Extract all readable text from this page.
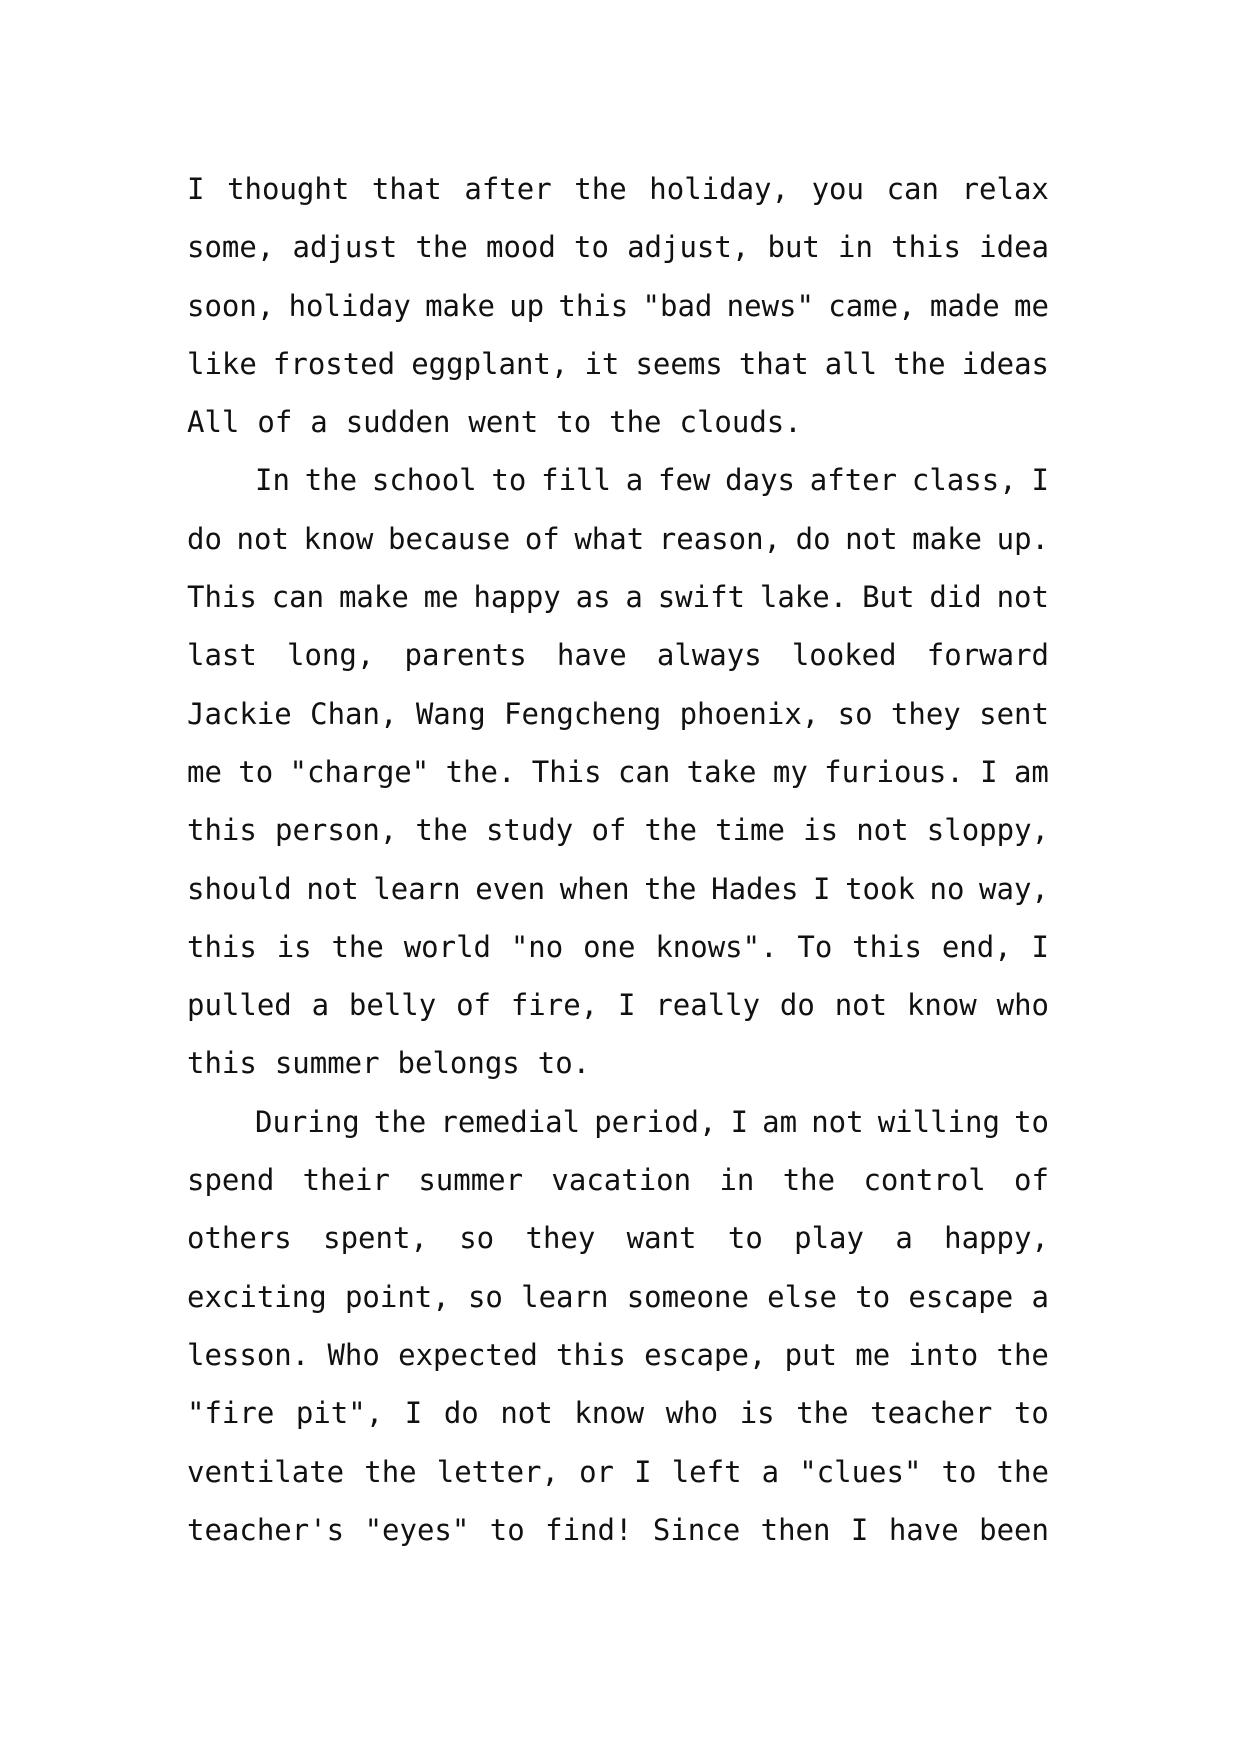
I thought that after the holiday, you can relax
some, adjust the mood to adjust, but in this idea
soon, holiday make up this "bad news" came, made me
like frosted eggplant, it seems that all the ideas
All of a sudden went to the clouds.
In the school to fill a few days after class, I
do not know because of what reason, do not make up.
This can make me happy as a swift lake. But did not
last long, parents have always looked forward
Jackie Chan, Wang Fengcheng phoenix, so they sent
me to "charge" the. This can take my furious. I am
this person, the study of the time is not sloppy,
should not learn even when the Hades I took no way,
this is the world "no one knows". To this end, I
pulled a belly of fire, I really do not know who
this summer belongs to.
During the remedial period, I am not willing to
spend their summer vacation in the control of
others spent, so they want to play a happy,
exciting point, so learn someone else to escape a
lesson. Who expected this escape, put me into the
"fire pit", I do not know who is the teacher to
ventilate the letter, or I left a "clues" to the
teacher's "eyes" to find! Since then I have been
